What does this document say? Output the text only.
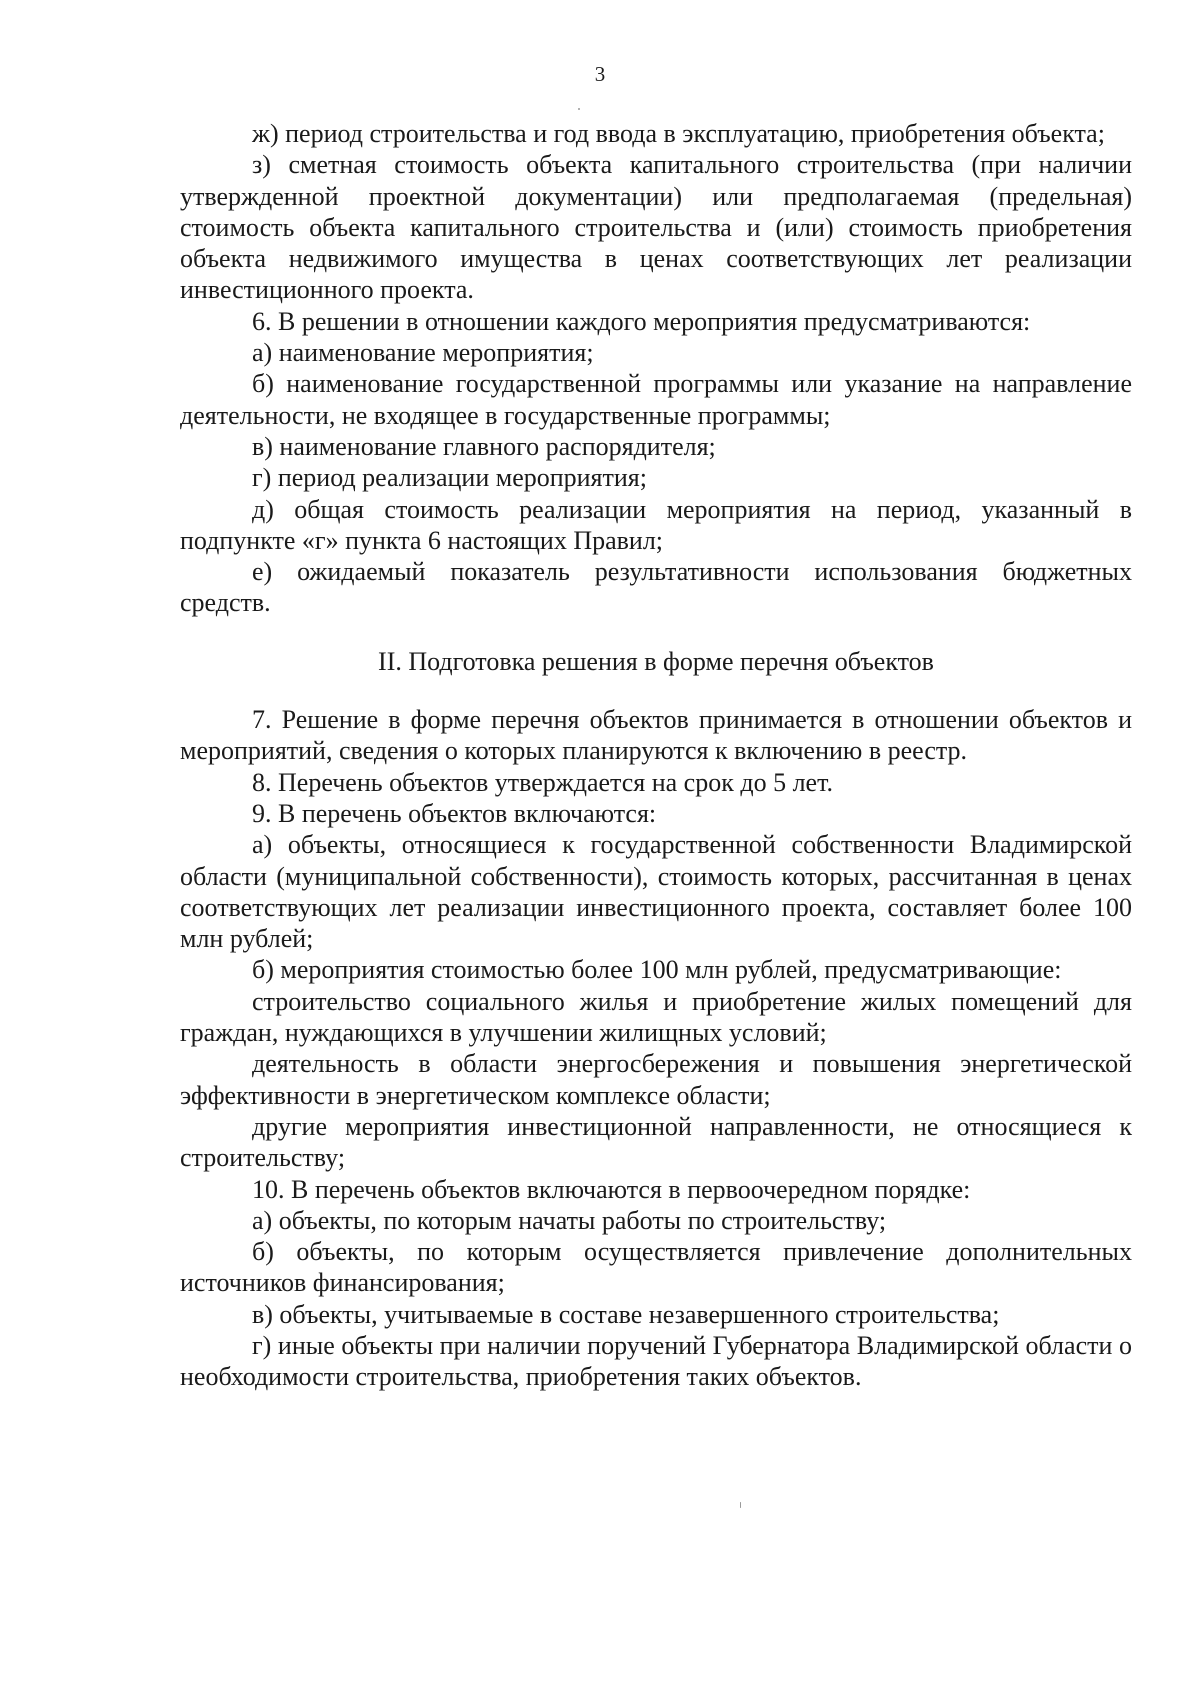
3

ж) период строительства и год ввода в эксплуатацию, приобретения объекта;

з) сметная стоимость объекта капитального строительства (при наличии утвержденной проектной документации) или предполагаемая (предельная) стоимость объекта капитального строительства и (или) стоимость приобретения объекта недвижимого имущества в ценах соответствующих лет реализации инвестиционного проекта.

6. В решении в отношении каждого мероприятия предусматриваются:

а) наименование мероприятия;

б) наименование государственной программы или указание на направление деятельности, не входящее в государственные программы;

в) наименование главного распорядителя;

г) период реализации мероприятия;

д) общая стоимость реализации мероприятия на период, указанный в подпункте «г» пункта 6 настоящих Правил;

е) ожидаемый показатель результативности использования бюджетных средств.

II. Подготовка решения в форме перечня объектов

7. Решение в форме перечня объектов принимается в отношении объектов и мероприятий, сведения о которых планируются к включению в реестр.

8. Перечень объектов утверждается на срок до 5 лет.

9. В перечень объектов включаются:

а) объекты, относящиеся к государственной собственности Владимирской области (муниципальной собственности), стоимость которых, рассчитанная в ценах соответствующих лет реализации инвестиционного проекта, составляет более 100 млн рублей;

б) мероприятия стоимостью более 100 млн рублей, предусматривающие:

строительство социального жилья и приобретение жилых помещений для граждан, нуждающихся в улучшении жилищных условий;

деятельность в области энергосбережения и повышения энергетической эффективности в энергетическом комплексе области;

другие мероприятия инвестиционной направленности, не относящиеся к строительству;

10. В перечень объектов включаются в первоочередном порядке:

а) объекты, по которым начаты работы по строительству;

б) объекты, по которым осуществляется привлечение дополнительных источников финансирования;

в) объекты, учитываемые в составе незавершенного строительства;

г) иные объекты при наличии поручений Губернатора Владимирской области о необходимости строительства, приобретения таких объектов.
